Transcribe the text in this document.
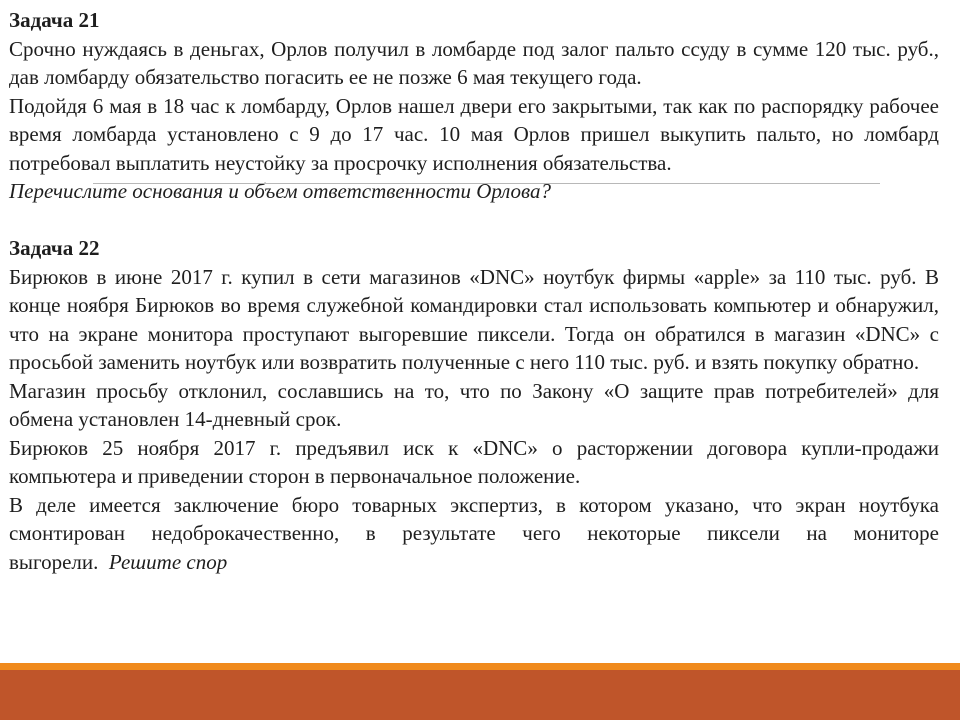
Задача 21

Срочно нуждаясь в деньгах, Орлов получил в ломбарде под залог пальто ссуду в сумме 120 тыс. руб., дав ломбарду обязательство погасить ее не позже 6 мая текущего года.

Подойдя 6 мая в 18 час к ломбарду, Орлов нашел двери его закрытыми, так как по распорядку рабочее время ломбарда установлено с 9 до 17 час. 10 мая Орлов пришел выкупить пальто, но ломбард потребовал выплатить неустойку за просрочку исполнения обязательства.

Перечислите основания и объем ответственности Орлова?

Задача 22

Бирюков в июне 2017 г. купил в сети магазинов «DNC» ноутбук фирмы «apple» за 110 тыс. руб. В конце ноября Бирюков во время служебной командировки стал использовать компьютер и обнаружил, что на экране монитора проступают выгоревшие пиксели. Тогда он обратился в магазин «DNC» с просьбой заменить ноутбук или возвратить полученные с него 110 тыс. руб. и взять покупку обратно.

Магазин просьбу отклонил, сославшись на то, что по Закону «О защите прав потребителей» для обмена установлен 14-дневный срок.

Бирюков 25 ноября 2017 г. предъявил иск к «DNC» о расторжении договора купли-продажи компьютера и приведении сторон в первоначальное положение.

В деле имеется заключение бюро товарных экспертиз, в котором указано, что экран ноутбука смонтирован недоброкачественно, в результате чего некоторые пиксели на мониторе выгорели. Решите спор
